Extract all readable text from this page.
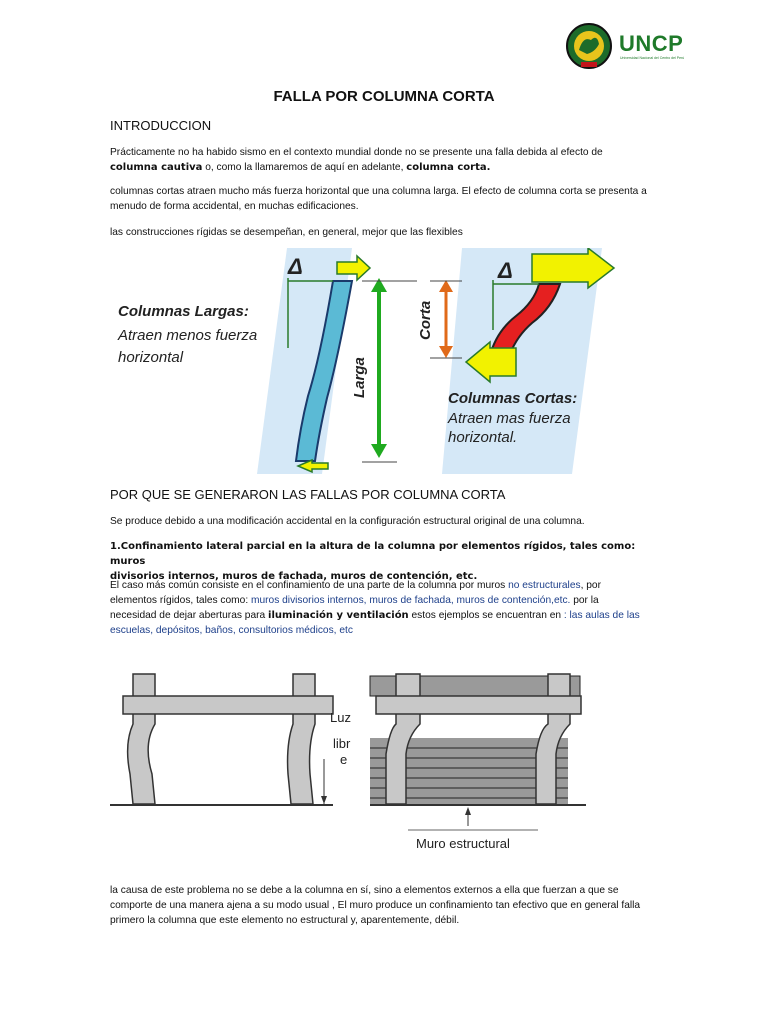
UNCP
Universidad Nacional del Centro del Perú
FALLA POR COLUMNA CORTA
INTRODUCCION
Prácticamente no ha habido sismo en el contexto mundial donde no se presente una falla debida al efecto de columna cautiva o, como la llamaremos de aquí en adelante, columna corta.
columnas cortas atraen mucho más fuerza horizontal que una columna larga. El efecto de columna corta se presenta a menudo de forma accidental, en muchas edificaciones.
las construcciones rígidas se desempeñan, en general, mejor que las flexibles
Δ
Larga
Columnas Largas:
Atraen menos fuerza
horizontal
Corta
Δ
Columnas Cortas:
Atraen mas fuerza
horizontal.
POR QUE SE GENERARON LAS FALLAS POR COLUMNA CORTA
Se produce debido a una modificación accidental en la configuración estructural original de una columna.
1.Confinamiento lateral parcial en la altura de la columna por elementos rígidos, tales como: muros
divisorios internos, muros de fachada, muros de contención, etc.
El caso más común consiste en el confinamiento de una parte de la columna por muros no estructurales, por elementos rígidos, tales como: muros divisorios internos, muros de fachada, muros de contención,etc. por la necesidad de dejar aberturas para iluminación y ventilación estos ejemplos se encuentran en : las aulas de las escuelas, depósitos, baños, consultorios médicos, etc
Luz
libr
e
Muro estructural
la causa de este problema no se debe a la columna en sí, sino a elementos externos a ella que fuerzan a que se comporte de una manera ajena a su modo usual , El muro produce un confinamiento tan efectivo que en general falla primero la columna que este elemento no estructural y, aparentemente, débil.
